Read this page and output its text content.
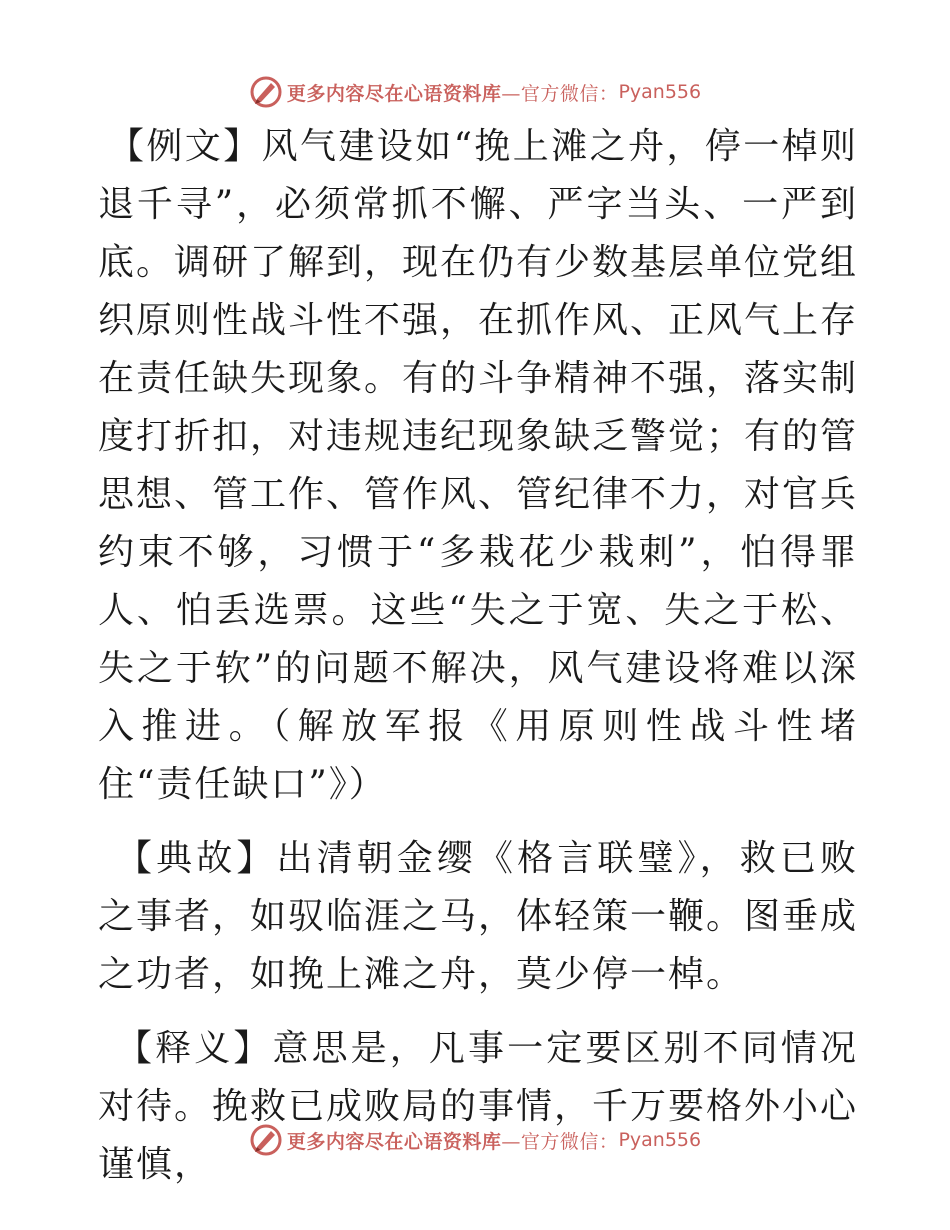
更多内容尽在心语资料库 —官方微信： Pyan556

【例文】风气建设如“挽上滩之舟，停一棹则退千寻”，必须常抓不懈、严字当头、一严到底。调研了解到，现在仍有少数基层单位党组织原则性战斗性不强，在抓作风、正风气上存在责任缺失现象。有的斗争精神不强，落实制度打折扣，对违规违纪现象缺乏警觉；有的管思想、管工作、管作风、管纪律不力，对官兵约束不够，习惯于“多栽花少栽刺”，怕得罪人、怕丢选票。这些“失之于宽、失之于松、失之于软”的问题不解决，风气建设将难以深入推进。（解放军报《用原则性战斗性堵住“责任缺口”》）

【典故】出清朝金缨《格言联璧》，救已败之事者，如驭临涯之马，体轻策一鞭。图垂成之功者，如挽上滩之舟，莫少停一棹。

【释义】意思是，凡事一定要区别不同情况对待。挽救已成败局的事情，千万要格外小心谨慎，

更多内容尽在心语资料库 —官方微信： Pyan556
